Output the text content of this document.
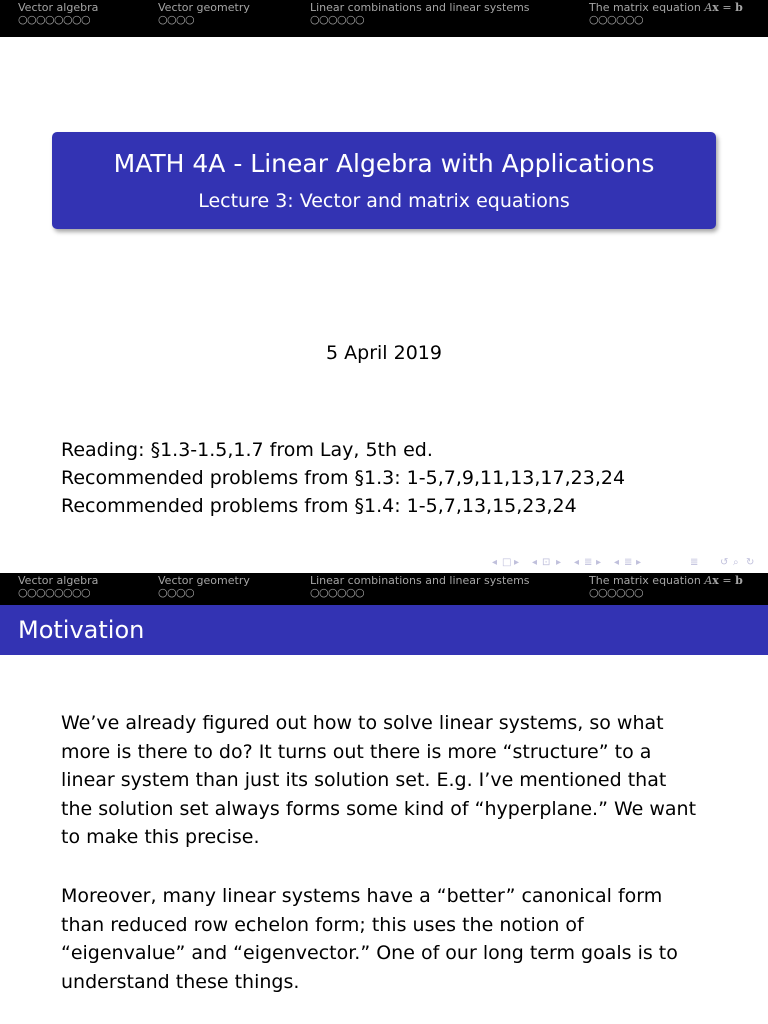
Vector algebra
○○○○○○○○
Vector geometry
○○○○
Linear combinations and linear systems
○○○○○○
The matrix equation Ax = b
○○○○○○
MATH 4A - Linear Algebra with Applications
Lecture 3: Vector and matrix equations
5 April 2019
Reading: §1.3-1.5,1.7 from Lay, 5th ed.
Recommended problems from §1.3: 1-5,7,9,11,13,17,23,24
Recommended problems from §1.4: 1-5,7,13,15,23,24
◂ □ ▸ ◂ ⊡ ▸ ◂ ≣ ▸ ◂ ≣ ▸	≣ ↺ ⌕ ↻
Vector algebra
○○○○○○○○
Vector geometry
○○○○
Linear combinations and linear systems
○○○○○○
The matrix equation Ax = b
○○○○○○
Motivation

We’ve already figured out how to solve linear systems, so what
more is there to do? It turns out there is more “structure” to a
linear system than just its solution set. E.g. I’ve mentioned that
the solution set always forms some kind of “hyperplane.” We want
to make this precise.

Moreover, many linear systems have a “better” canonical form
than reduced row echelon form; this uses the notion of
“eigenvalue” and “eigenvector.” One of our long term goals is to
understand these things.
